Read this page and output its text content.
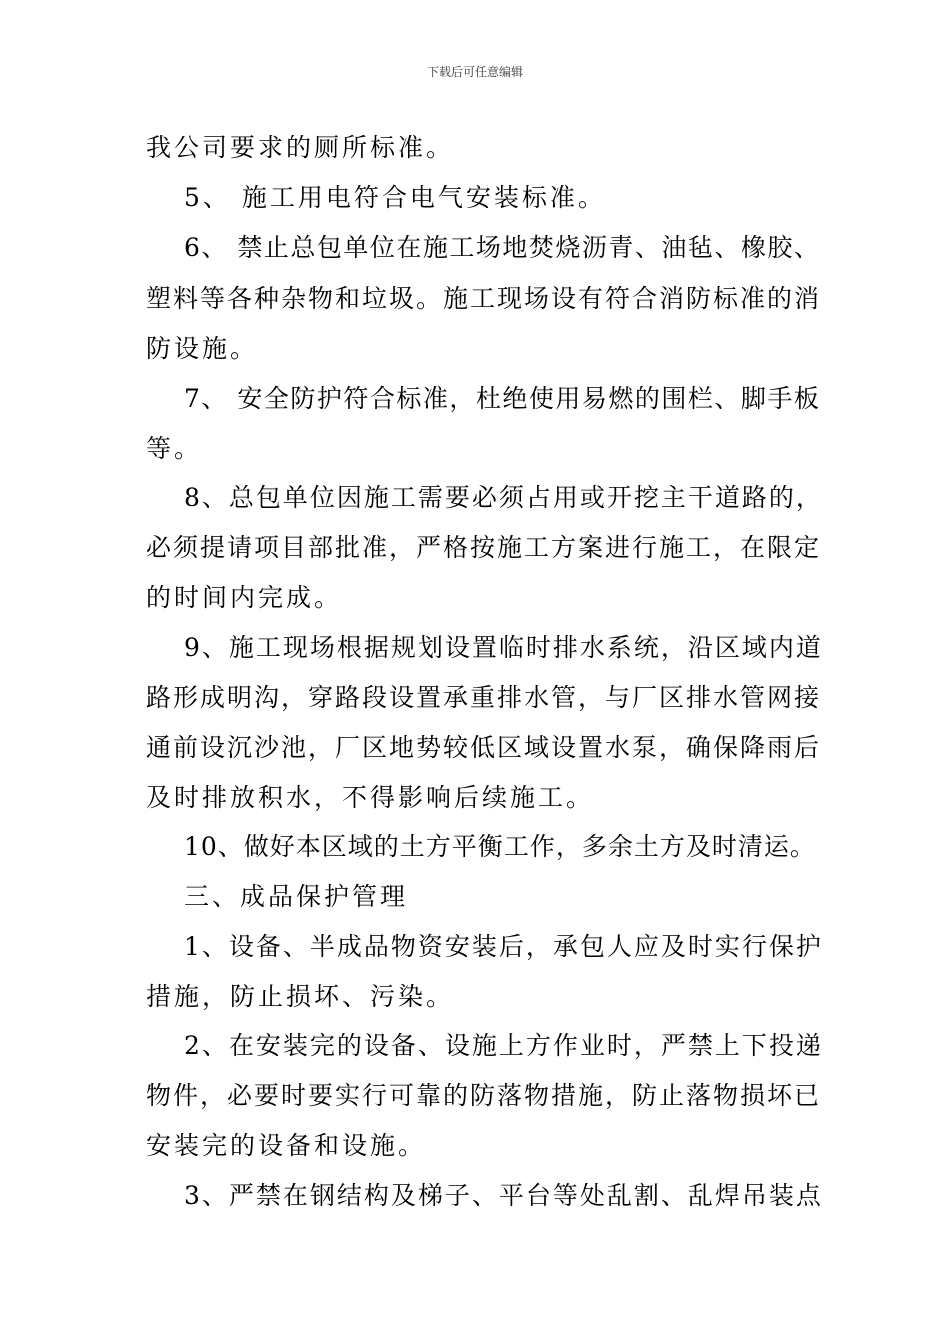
下载后可任意编辑
我公司要求的厕所标准。
5、 施工用电符合电气安装标准。
6、 禁止总包单位在施工场地焚烧沥青、油毡、橡胶、
塑料等各种杂物和垃圾。施工现场设有符合消防标准的消
防设施。
7、 安全防护符合标准，杜绝使用易燃的围栏、脚手板
等。
8、总包单位因施工需要必须占用或开挖主干道路的，
必须提请项目部批准，严格按施工方案进行施工，在限定
的时间内完成。
9、施工现场根据规划设置临时排水系统，沿区域内道
路形成明沟，穿路段设置承重排水管，与厂区排水管网接
通前设沉沙池，厂区地势较低区域设置水泵，确保降雨后
及时排放积水，不得影响后续施工。
10、做好本区域的土方平衡工作，多余土方及时清运。
三、成品保护管理
1、设备、半成品物资安装后，承包人应及时实行保护
措施，防止损坏、污染。
2、在安装完的设备、设施上方作业时，严禁上下投递
物件，必要时要实行可靠的防落物措施，防止落物损坏已
安装完的设备和设施。
3、严禁在钢结构及梯子、平台等处乱割、乱焊吊装点
